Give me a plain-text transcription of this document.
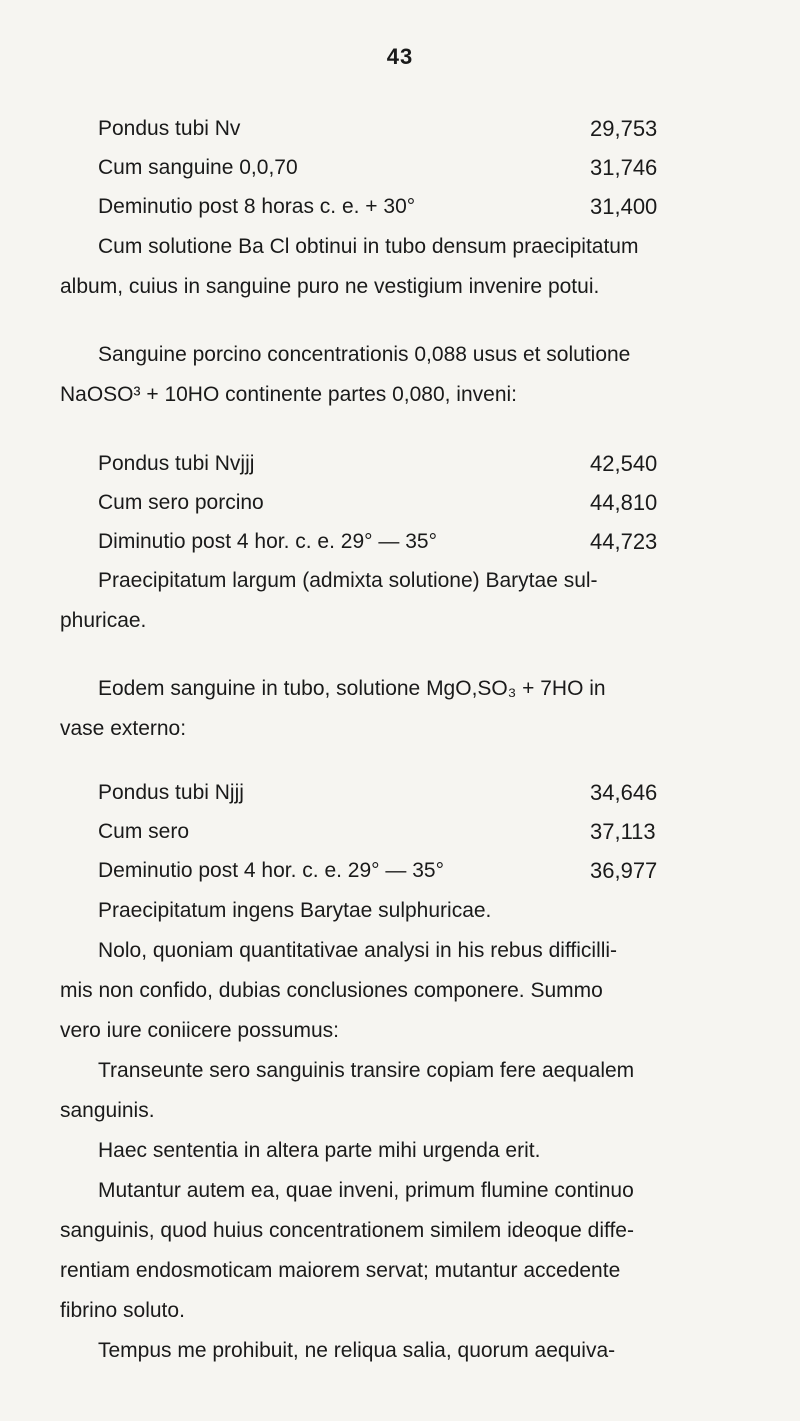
43
Pondus tubi Nv	29,753
Cum sanguine 0,0,70	31,746
Deminutio post 8 horas c. e. + 30°	31,400
Cum solutione Ba Cl obtinui in tubo densum praecipitatum
album, cuius in sanguine puro ne vestigium invenire potui.
Sanguine porcino concentrationis 0,088 usus et solutione
NaOSO³ + 10HO continente partes 0,080, inveni:
Pondus tubi Nvjjj	42,540
Cum sero porcino	44,810
Diminutio post 4 hor. c. e. 29° — 35°	44,723
Praecipitatum largum (admixta solutione) Barytae sul-
phuricae.
Eodem sanguine in tubo, solutione MgO,SO₃ + 7HO in
vase externo:
Pondus tubi Njjj	34,646
Cum sero	37,113
Deminutio post 4 hor. c. e. 29° — 35°	36,977
Praecipitatum ingens Barytae sulphuricae.
Nolo, quoniam quantitativae analysi in his rebus difficilli-
mis non confido, dubias conclusiones componere. Summo
vero iure coniicere possumus:
Transeunte sero sanguinis transire copiam fere aequalem
sanguinis.
Haec sententia in altera parte mihi urgenda erit.
Mutantur autem ea, quae inveni, primum flumine continuo
sanguinis, quod huius concentrationem similem ideoque diffe-
rentiam endosmoticam maiorem servat; mutantur accedente
fibrino soluto.
Tempus me prohibuit, ne reliqua salia, quorum aequiva-
